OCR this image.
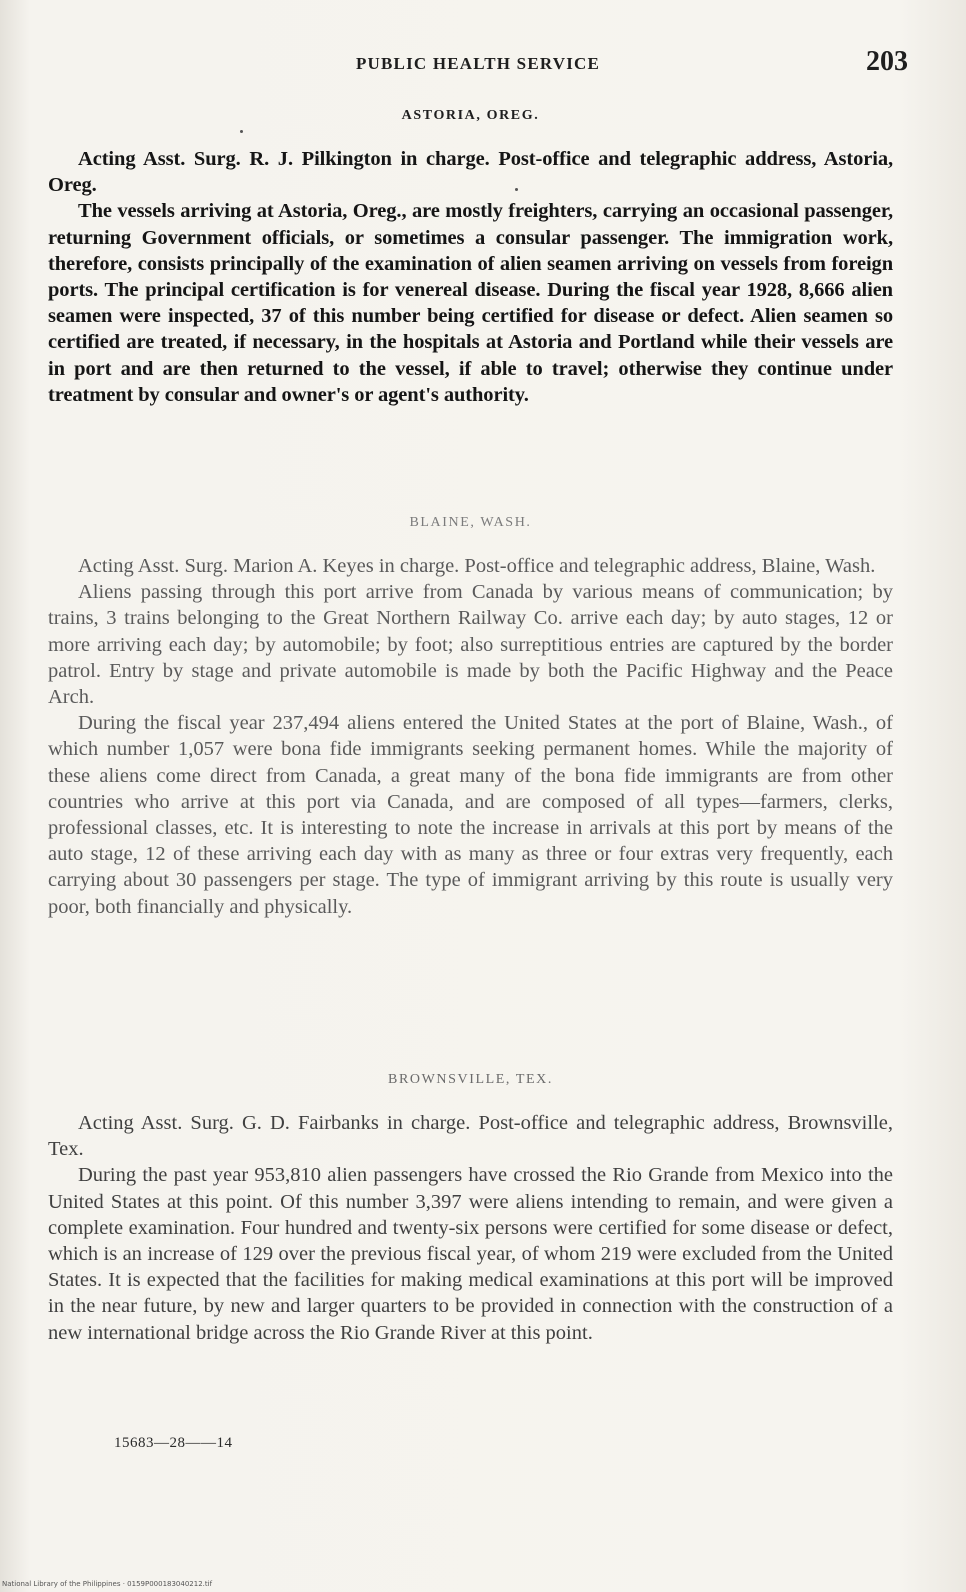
PUBLIC HEALTH SERVICE	203
ASTORIA, OREG.

Acting Asst. Surg. R. J. Pilkington in charge. Post-office and telegraphic address, Astoria, Oreg.

The vessels arriving at Astoria, Oreg., are mostly freighters, carrying an occasional passenger, returning Government officials, or sometimes a consular passenger. The immigration work, therefore, consists principally of the examination of alien seamen arriving on vessels from foreign ports. The principal certification is for venereal disease. During the fiscal year 1928, 8,666 alien seamen were inspected, 37 of this number being certified for disease or defect. Alien seamen so certified are treated, if necessary, in the hospitals at Astoria and Portland while their vessels are in port and are then returned to the vessel, if able to travel; otherwise they continue under treatment by consular and owner's or agent's authority.

BLAINE, WASH.

Acting Asst. Surg. Marion A. Keyes in charge. Post-office and telegraphic address, Blaine, Wash.

Aliens passing through this port arrive from Canada by various means of communication; by trains, 3 trains belonging to the Great Northern Railway Co. arrive each day; by auto stages, 12 or more arriving each day; by automobile; by foot; also surreptitious entries are captured by the border patrol. Entry by stage and private automobile is made by both the Pacific Highway and the Peace Arch.

During the fiscal year 237,494 aliens entered the United States at the port of Blaine, Wash., of which number 1,057 were bona fide immigrants seeking permanent homes. While the majority of these aliens come direct from Canada, a great many of the bona fide immigrants are from other countries who arrive at this port via Canada, and are composed of all types—farmers, clerks, professional classes, etc. It is interesting to note the increase in arrivals at this port by means of the auto stage, 12 of these arriving each day with as many as three or four extras very frequently, each carrying about 30 passengers per stage. The type of immigrant arriving by this route is usually very poor, both financially and physically.

BROWNSVILLE, TEX.

Acting Asst. Surg. G. D. Fairbanks in charge. Post-office and telegraphic address, Brownsville, Tex.

During the past year 953,810 alien passengers have crossed the Rio Grande from Mexico into the United States at this point. Of this number 3,397 were aliens intending to remain, and were given a complete examination. Four hundred and twenty-six persons were certified for some disease or defect, which is an increase of 129 over the previous fiscal year, of whom 219 were excluded from the United States. It is expected that the facilities for making medical examinations at this port will be improved in the near future, by new and larger quarters to be provided in connection with the construction of a new international bridge across the Rio Grande River at this point.

15683—28——14
National Library of the Philippines · 0159P000183040212.tif
